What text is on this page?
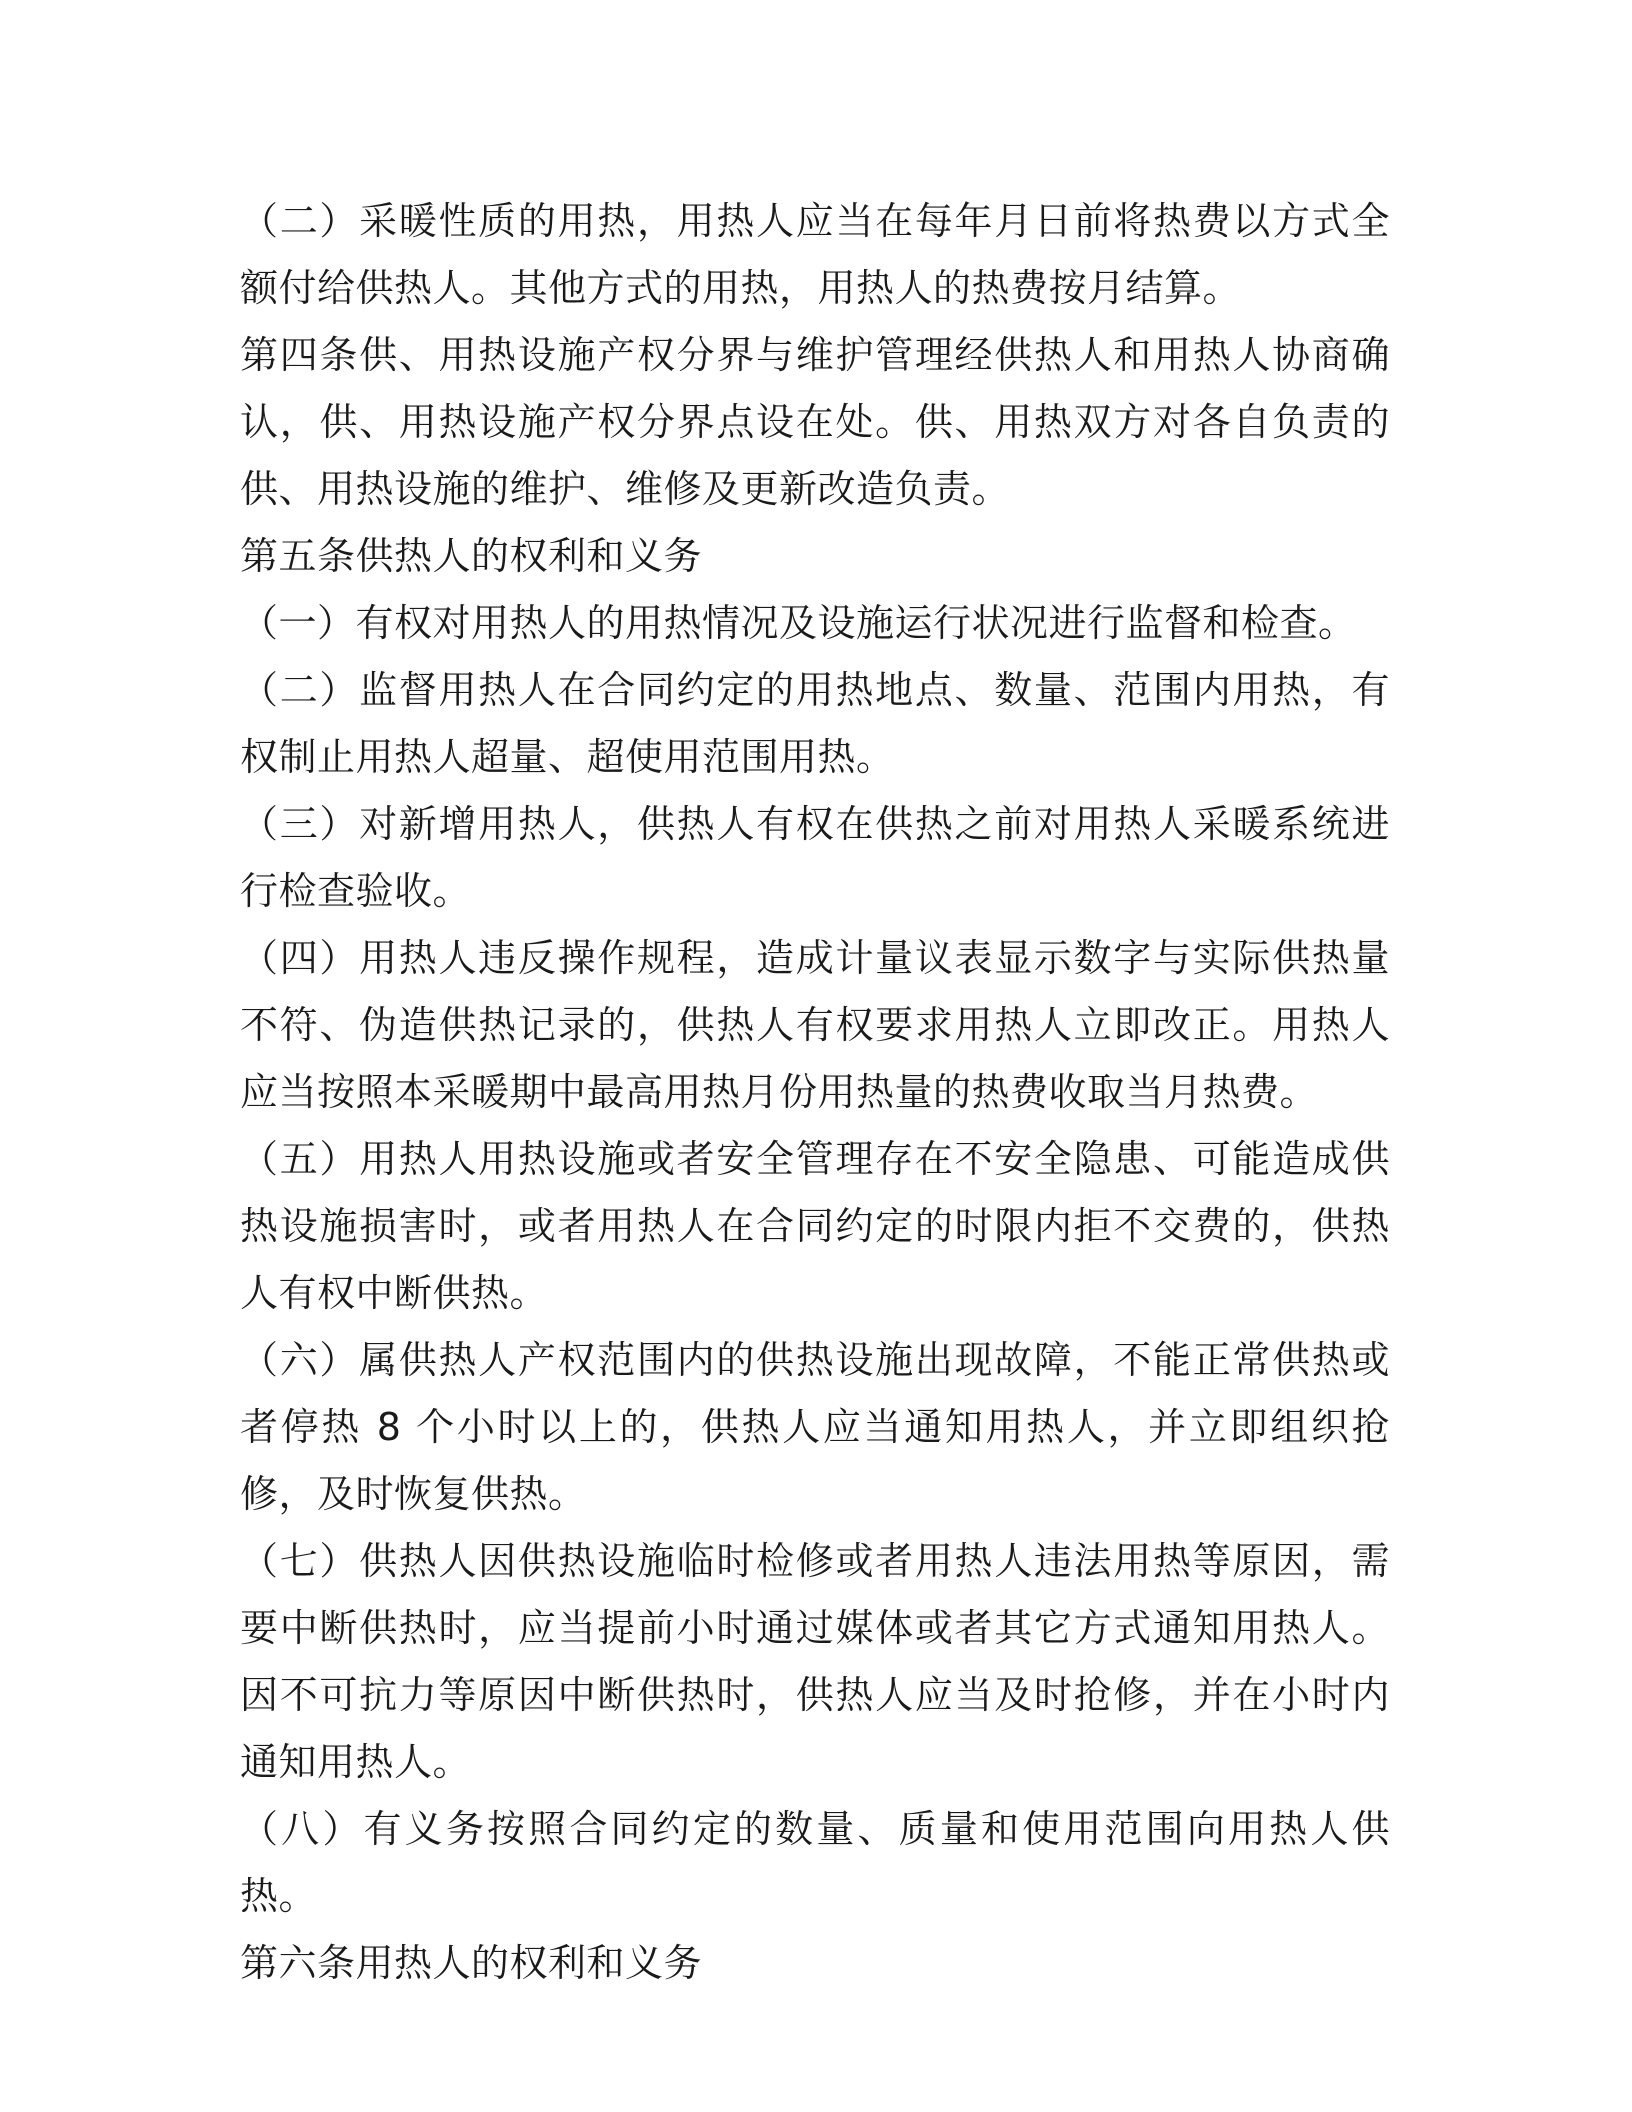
（二）采暖性质的用热，用热人应当在每年月日前将热费以方式全额付给供热人。其他方式的用热，用热人的热费按月结算。

第四条供、用热设施产权分界与维护管理经供热人和用热人协商确认，供、用热设施产权分界点设在处。供、用热双方对各自负责的供、用热设施的维护、维修及更新改造负责。

第五条供热人的权利和义务

（一）有权对用热人的用热情况及设施运行状况进行监督和检查。

（二）监督用热人在合同约定的用热地点、数量、范围内用热，有权制止用热人超量、超使用范围用热。

（三）对新增用热人，供热人有权在供热之前对用热人采暖系统进行检查验收。

（四）用热人违反操作规程，造成计量议表显示数字与实际供热量不符、伪造供热记录的，供热人有权要求用热人立即改正。用热人应当按照本采暖期中最高用热月份用热量的热费收取当月热费。

（五）用热人用热设施或者安全管理存在不安全隐患、可能造成供热设施损害时，或者用热人在合同约定的时限内拒不交费的，供热人有权中断供热。

（六）属供热人产权范围内的供热设施出现故障，不能正常供热或者停热 8 个小时以上的，供热人应当通知用热人，并立即组织抢修，及时恢复供热。

（七）供热人因供热设施临时检修或者用热人违法用热等原因，需要中断供热时，应当提前小时通过媒体或者其它方式通知用热人。因不可抗力等原因中断供热时，供热人应当及时抢修，并在小时内通知用热人。

（八）有义务按照合同约定的数量、质量和使用范围向用热人供热。

第六条用热人的权利和义务
